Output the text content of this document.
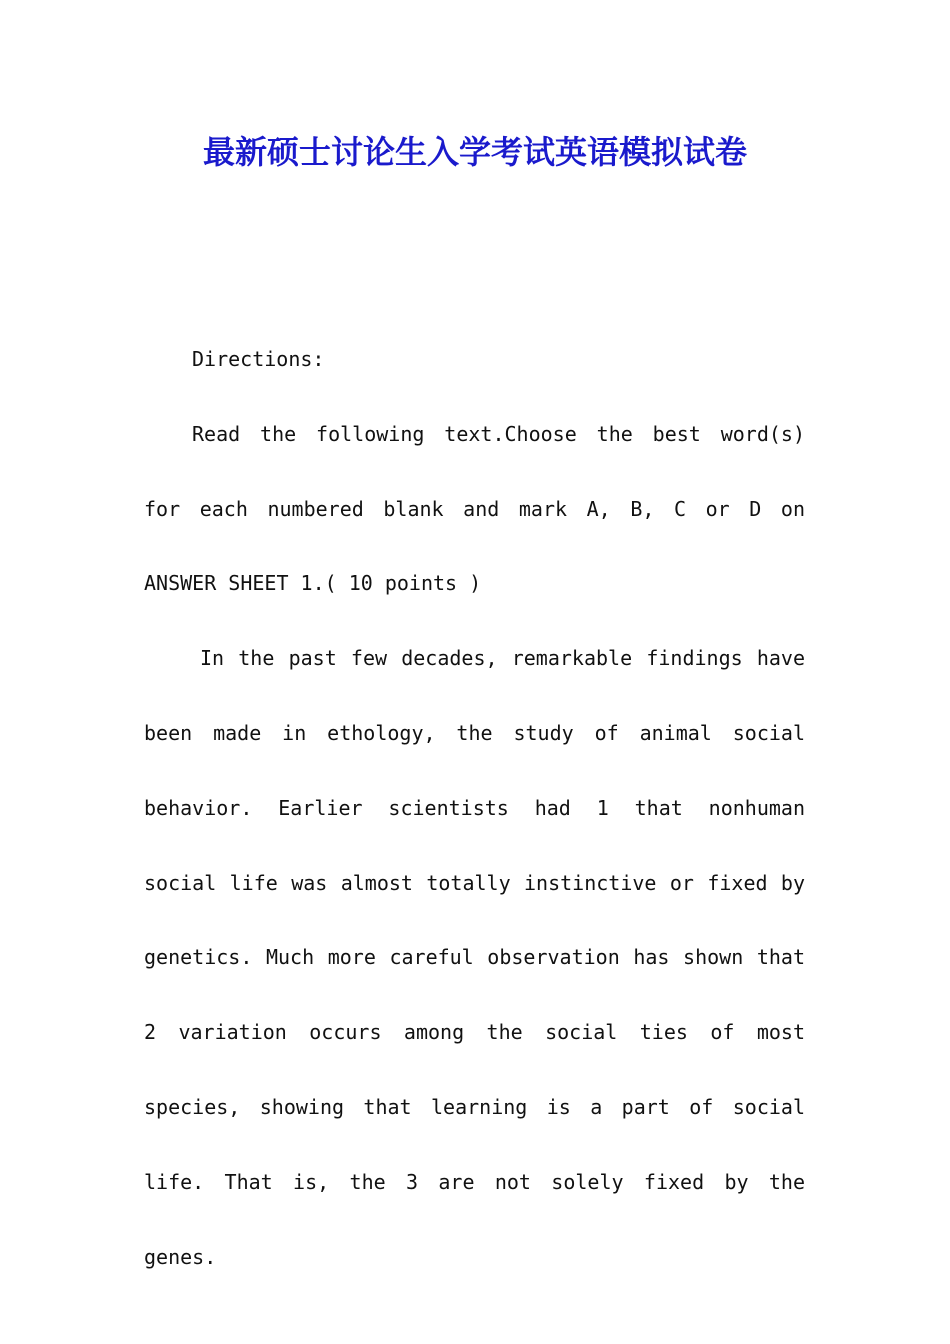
最新硕士讨论生入学考试英语模拟试卷

Directions:

Read the following text.Choose the best word(s) for each numbered blank and mark A, B, C or D on ANSWER SHEET 1.( 10 points )

In the past few decades, remarkable findings have been made in ethology, the study of animal social behavior. Earlier scientists had 1 that nonhuman social life was almost totally instinctive or fixed by genetics. Much more careful observation has shown that 2 variation occurs among the social ties of most species, showing that learning is a part of social life. That is, the 3 are not solely fixed by the genes.
